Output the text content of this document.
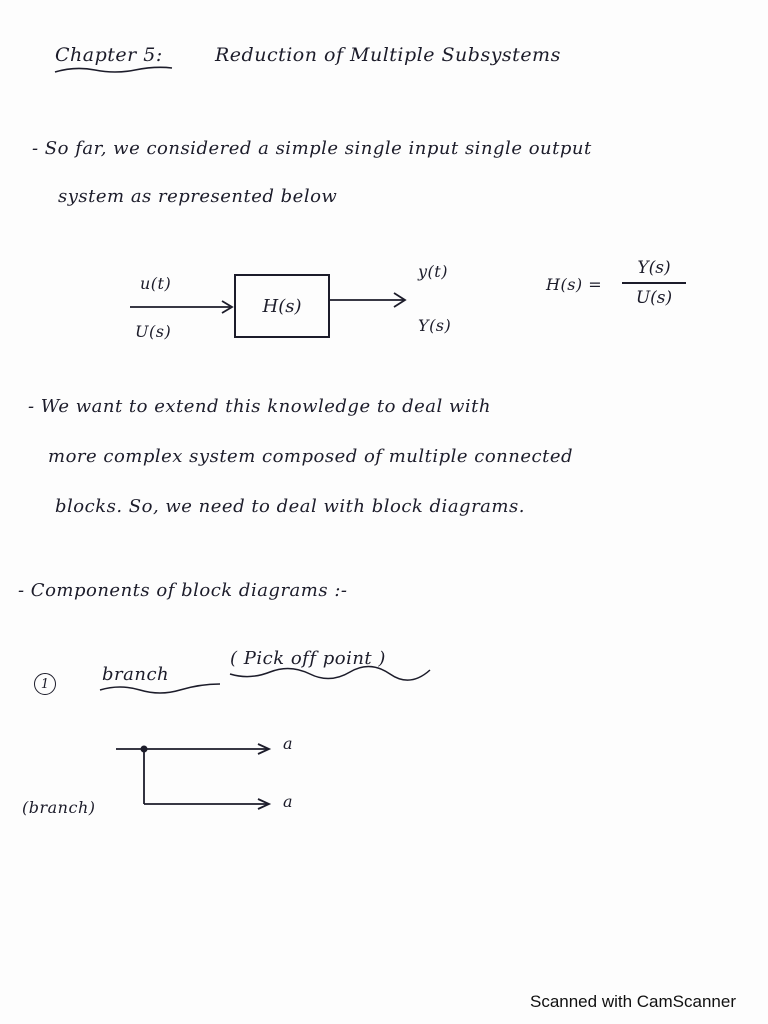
Chapter 5:	Reduction of Multiple Subsystems
- So far, we considered a simple single input single output
system as represented below
u(t)
U(s)
H(s)
y(t)
Y(s)
H(s) =
Y(s)
U(s)
- We want to extend this knowledge to deal with
more complex system composed of multiple connected
blocks. So, we need to deal with block diagrams.
- Components of block diagrams :-
1	branch
( Pick off point )
a
a
(branch)
Scanned with CamScanner
